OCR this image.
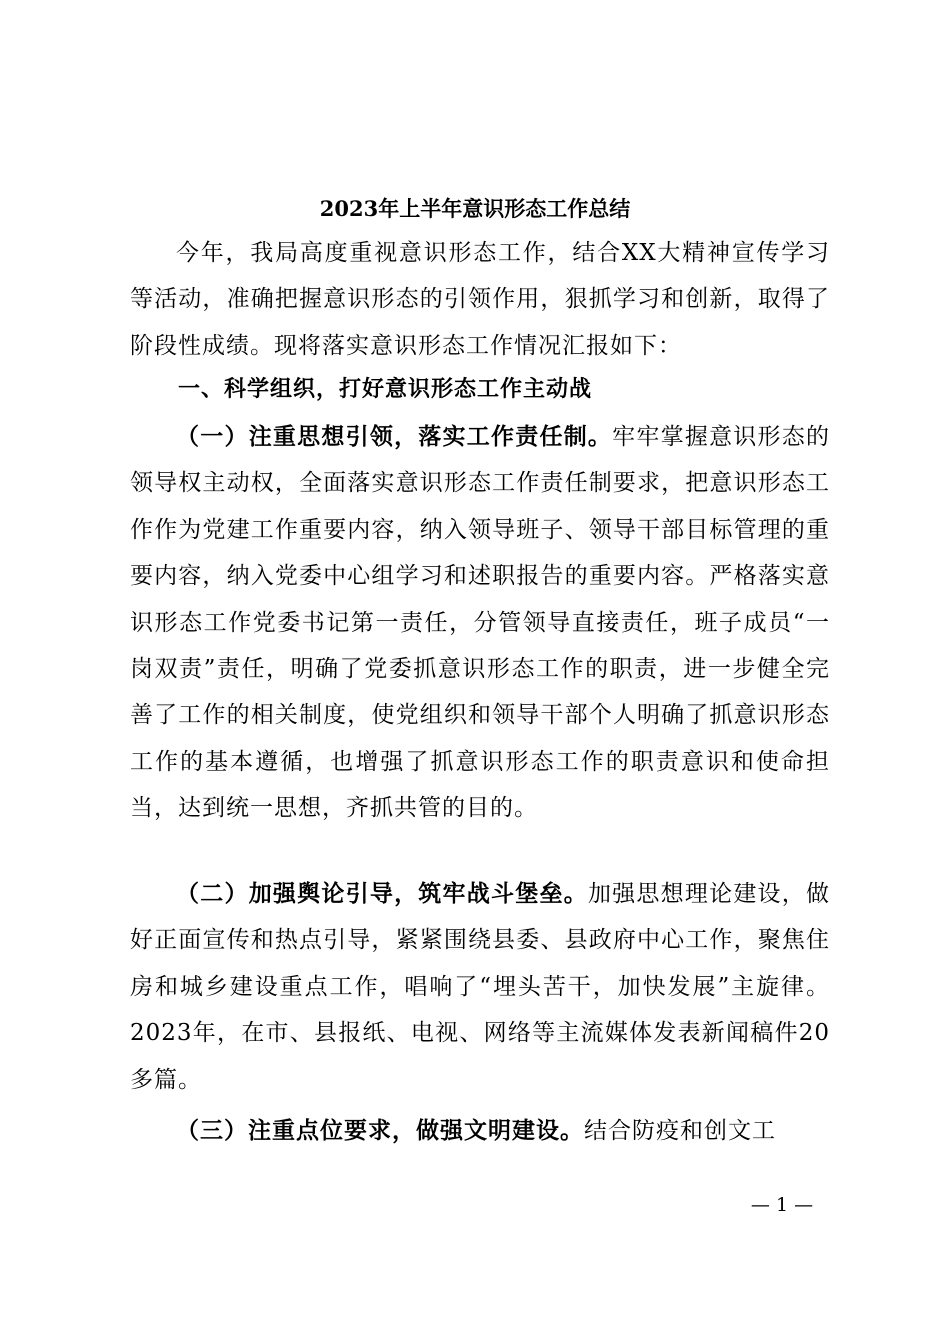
2023年上半年意识形态工作总结

今年，我局高度重视意识形态工作，结合XX大精神宣传学习等活动，准确把握意识形态的引领作用，狠抓学习和创新，取得了阶段性成绩。现将落实意识形态工作情况汇报如下：

一、科学组织，打好意识形态工作主动战

（一）注重思想引领，落实工作责任制。牢牢掌握意识形态的领导权主动权，全面落实意识形态工作责任制要求，把意识形态工作作为党建工作重要内容，纳入领导班子、领导干部目标管理的重要内容，纳入党委中心组学习和述职报告的重要内容。严格落实意识形态工作党委书记第一责任，分管领导直接责任，班子成员“一岗双责”责任，明确了党委抓意识形态工作的职责，进一步健全完善了工作的相关制度，使党组织和领导干部个人明确了抓意识形态工作的基本遵循，也增强了抓意识形态工作的职责意识和使命担当，达到统一思想，齐抓共管的目的。

（二）加强舆论引导，筑牢战斗堡垒。加强思想理论建设，做好正面宣传和热点引导，紧紧围绕县委、县政府中心工作，聚焦住房和城乡建设重点工作，唱响了“埋头苦干，加快发展”主旋律。2023年，在市、县报纸、电视、网络等主流媒体发表新闻稿件20多篇。

（三）注重点位要求，做强文明建设。结合防疫和创文工

— 1 —
